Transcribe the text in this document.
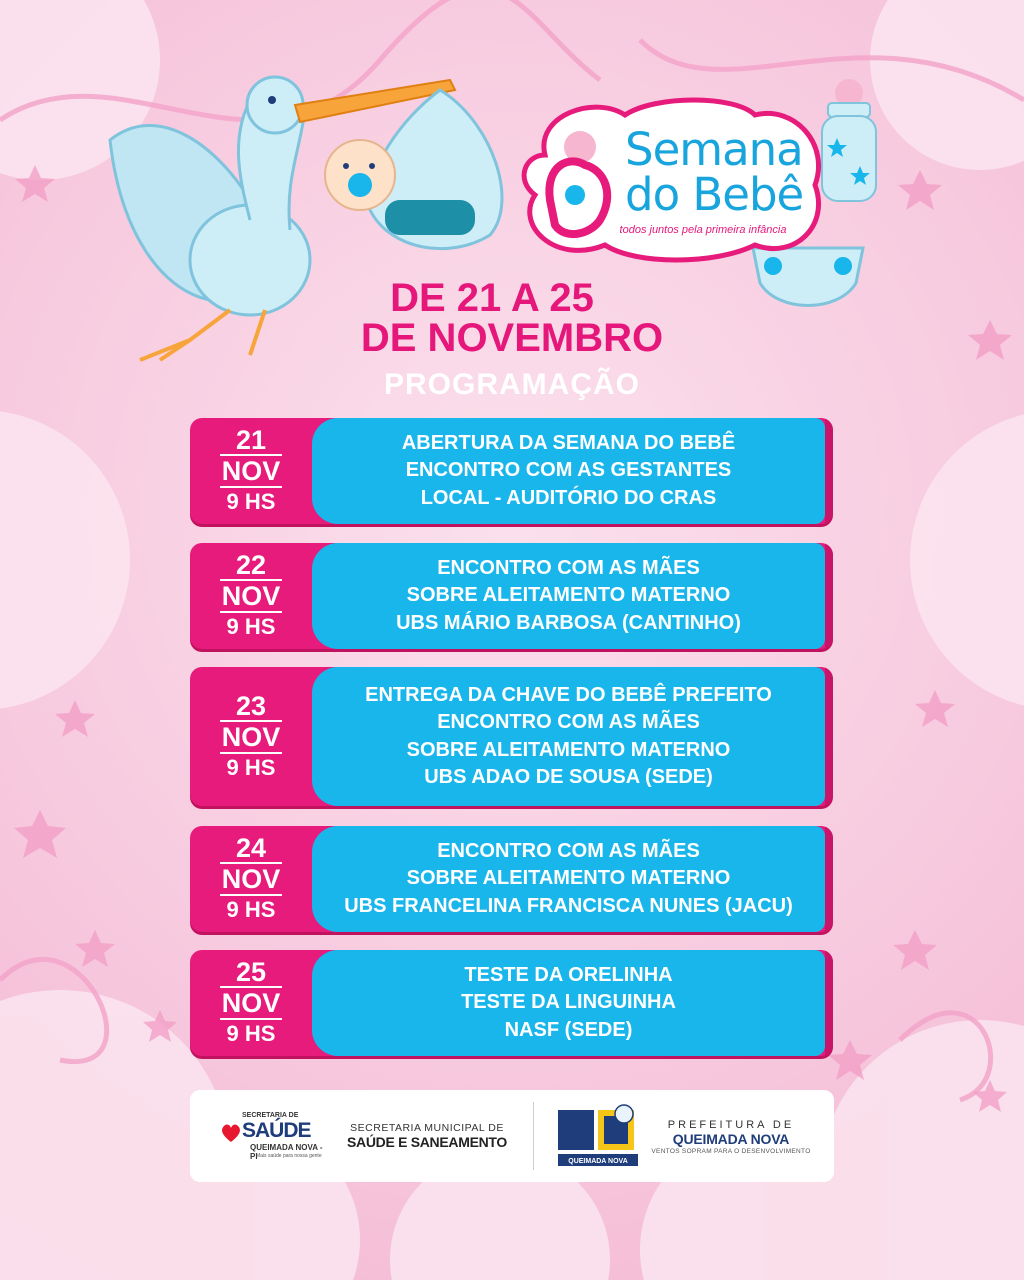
Semana
do Bebê
todos juntos pela primeira infância
DE 21 A 25
DE NOVEMBRO
PROGRAMAÇÃO
21
NOV
9 HS
ABERTURA DA SEMANA DO BEBÊ
ENCONTRO COM AS GESTANTES
LOCAL - AUDITÓRIO DO CRAS
22
NOV
9 HS
ENCONTRO COM AS MÃES
SOBRE ALEITAMENTO MATERNO
UBS MÁRIO BARBOSA (CANTINHO)
23
NOV
9 HS
ENTREGA DA CHAVE DO BEBÊ PREFEITO
ENCONTRO COM AS MÃES
SOBRE ALEITAMENTO MATERNO
UBS ADAO DE SOUSA (SEDE)
24
NOV
9 HS
ENCONTRO COM AS MÃES
SOBRE ALEITAMENTO MATERNO
UBS FRANCELINA FRANCISCA NUNES (JACU)
25
NOV
9 HS
TESTE DA ORELINHA
TESTE DA LINGUINHA
NASF (SEDE)
SECRETARIA DE
SAÚDE
QUEIMADA NOVA - PI
Mais saúde para nossa gente
SECRETARIA MUNICIPAL DE
SAÚDE E SANEAMENTO
QUEIMADA NOVA
PREFEITURA DE
QUEIMADA NOVA
VENTOS SOPRAM PARA O DESENVOLVIMENTO
